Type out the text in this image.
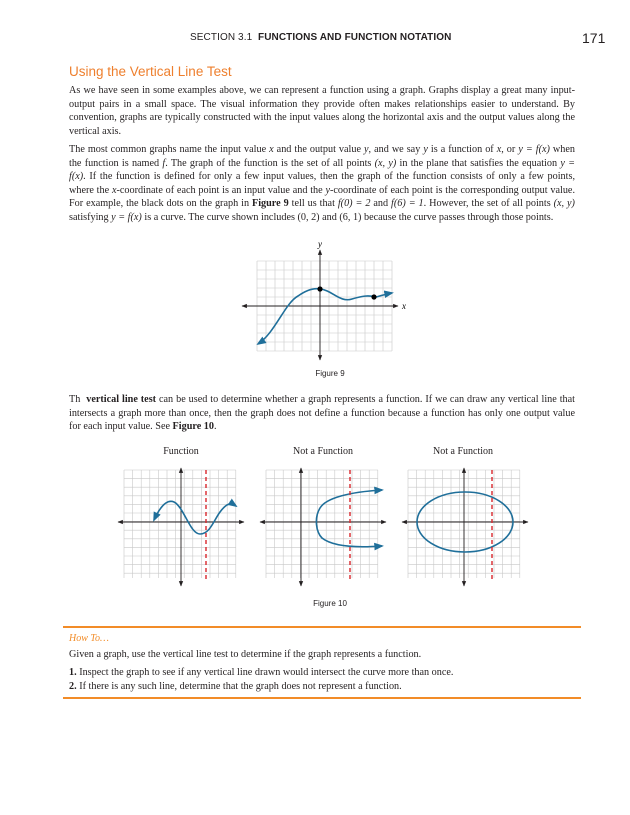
SECTION 3.1 FUNCTIONS AND FUNCTION NOTATION	171
Using the Vertical Line Test

As we have seen in some examples above, we can represent a function using a graph. Graphs display a great many input-output pairs in a small space. The visual information they provide often makes relationships easier to understand. By convention, graphs are typically constructed with the input values along the horizontal axis and the output values along the vertical axis.

The most common graphs name the input value x and the output value y, and we say y is a function of x, or y = f(x) when the function is named f. The graph of the function is the set of all points (x, y) in the plane that satisfies the equation y = f(x). If the function is defined for only a few input values, then the graph of the function consists of only a few points, where the x-coordinate of each point is an input value and the y-coordinate of each point is the corresponding output value. For example, the black dots on the graph in Figure 9 tell us that f(0) = 2 and f(6) = 1. However, the set of all points (x, y) satisfying y = f(x) is a curve. The curve shown includes (0, 2) and (6, 1) because the curve passes through those points.

x
y
Figure 9

Th vertical line test can be used to determine whether a graph represents a function. If we can draw any vertical line that intersects a graph more than once, then the graph does not define a function because a function has only one output value for each input value. See Figure 10.

Function	Not a Function	Not a Function
Figure 10
How To…

Given a graph, use the vertical line test to determine if the graph represents a function.

1. Inspect the graph to see if any vertical line drawn would intersect the curve more than once.

2. If there is any such line, determine that the graph does not represent a function.
